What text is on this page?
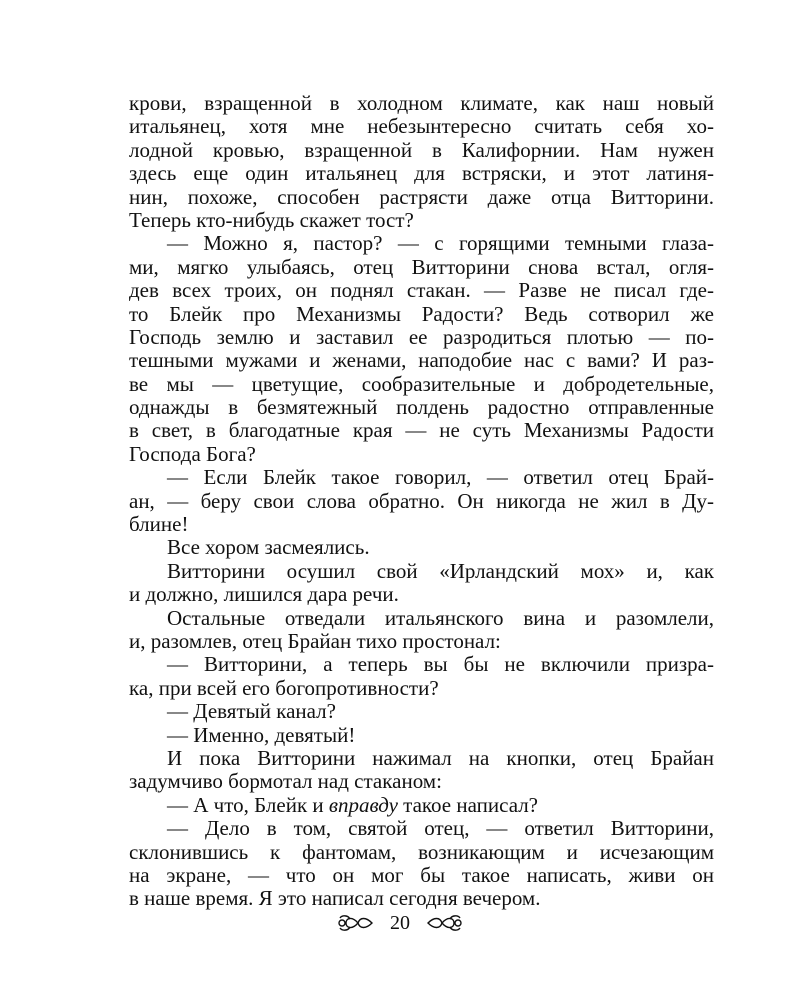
крови, взращенной в холодном климате, как наш новый
итальянец, хотя мне небезынтересно считать себя хо-
лодной кровью, взращенной в Калифорнии. Нам нужен
здесь еще один итальянец для встряски, и этот латиня-
нин, похоже, способен растрясти даже отца Витторини.
Теперь кто-нибудь скажет тост?
— Можно я, пастор? — с горящими темными глаза-
ми, мягко улыбаясь, отец Витторини снова встал, огля-
дев всех троих, он поднял стакан. — Разве не писал где-
то Блейк про Механизмы Радости? Ведь сотворил же
Господь землю и заставил ее разродиться плотью — по-
тешными мужами и женами, наподобие нас с вами? И раз-
ве мы — цветущие, сообразительные и добродетельные,
однажды в безмятежный полдень радостно отправленные
в свет, в благодатные края — не суть Механизмы Радости
Господа Бога?
— Если Блейк такое говорил, — ответил отец Брай-
ан, — беру свои слова обратно. Он никогда не жил в Ду-
блине!
Все хором засмеялись.
Витторини осушил свой «Ирландский мох» и, как
и должно, лишился дара речи.
Остальные отведали итальянского вина и разомлели,
и, разомлев, отец Брайан тихо простонал:
— Витторини, а теперь вы бы не включили призра-
ка, при всей его богопротивности?
— Девятый канал?
— Именно, девятый!
И пока Витторини нажимал на кнопки, отец Брайан
задумчиво бормотал над стаканом:
— А что, Блейк и вправду такое написал?
— Дело в том, святой отец, — ответил Витторини,
склонившись к фантомам, возникающим и исчезающим
на экране, — что он мог бы такое написать, живи он
в наше время. Я это написал сегодня вечером.
20
